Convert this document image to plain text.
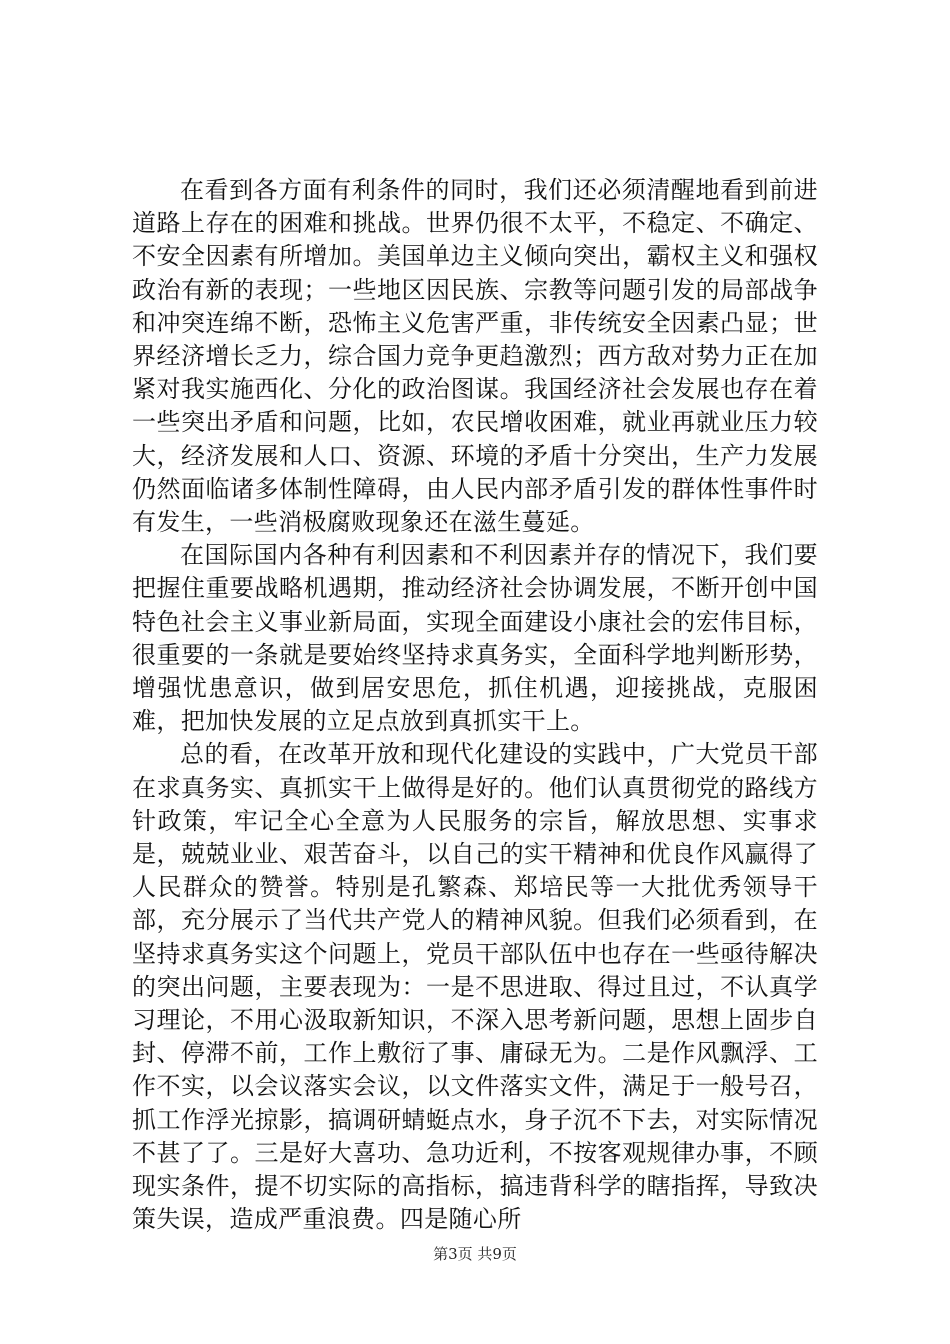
在看到各方面有利条件的同时，我们还必须清醒地看到前进道路上存在的困难和挑战。世界仍很不太平，不稳定、不确定、不安全因素有所增加。美国单边主义倾向突出，霸权主义和强权政治有新的表现；一些地区因民族、宗教等问题引发的局部战争和冲突连绵不断，恐怖主义危害严重，非传统安全因素凸显；世界经济增长乏力，综合国力竞争更趋激烈；西方敌对势力正在加紧对我实施西化、分化的政治图谋。我国经济社会发展也存在着一些突出矛盾和问题，比如，农民增收困难，就业再就业压力较大，经济发展和人口、资源、环境的矛盾十分突出，生产力发展仍然面临诸多体制性障碍，由人民内部矛盾引发的群体性事件时有发生，一些消极腐败现象还在滋生蔓延。

在国际国内各种有利因素和不利因素并存的情况下，我们要把握住重要战略机遇期，推动经济社会协调发展，不断开创中国特色社会主义事业新局面，实现全面建设小康社会的宏伟目标，很重要的一条就是要始终坚持求真务实，全面科学地判断形势，增强忧患意识，做到居安思危，抓住机遇，迎接挑战，克服困难，把加快发展的立足点放到真抓实干上。

总的看，在改革开放和现代化建设的实践中，广大党员干部在求真务实、真抓实干上做得是好的。他们认真贯彻党的路线方针政策，牢记全心全意为人民服务的宗旨，解放思想、实事求是，兢兢业业、艰苦奋斗，以自己的实干精神和优良作风赢得了人民群众的赞誉。特别是孔繁森、郑培民等一大批优秀领导干部，充分展示了当代共产党人的精神风貌。但我们必须看到，在坚持求真务实这个问题上，党员干部队伍中也存在一些亟待解决的突出问题，主要表现为：一是不思进取、得过且过，不认真学习理论，不用心汲取新知识，不深入思考新问题，思想上固步自封、停滞不前，工作上敷衍了事、庸碌无为。二是作风飘浮、工作不实，以会议落实会议，以文件落实文件，满足于一般号召，抓工作浮光掠影，搞调研蜻蜓点水，身子沉不下去，对实际情况不甚了了。三是好大喜功、急功近利，不按客观规律办事，不顾现实条件，提不切实际的高指标，搞违背科学的瞎指挥，导致决策失误，造成严重浪费。四是随心所

第3页 共9页
